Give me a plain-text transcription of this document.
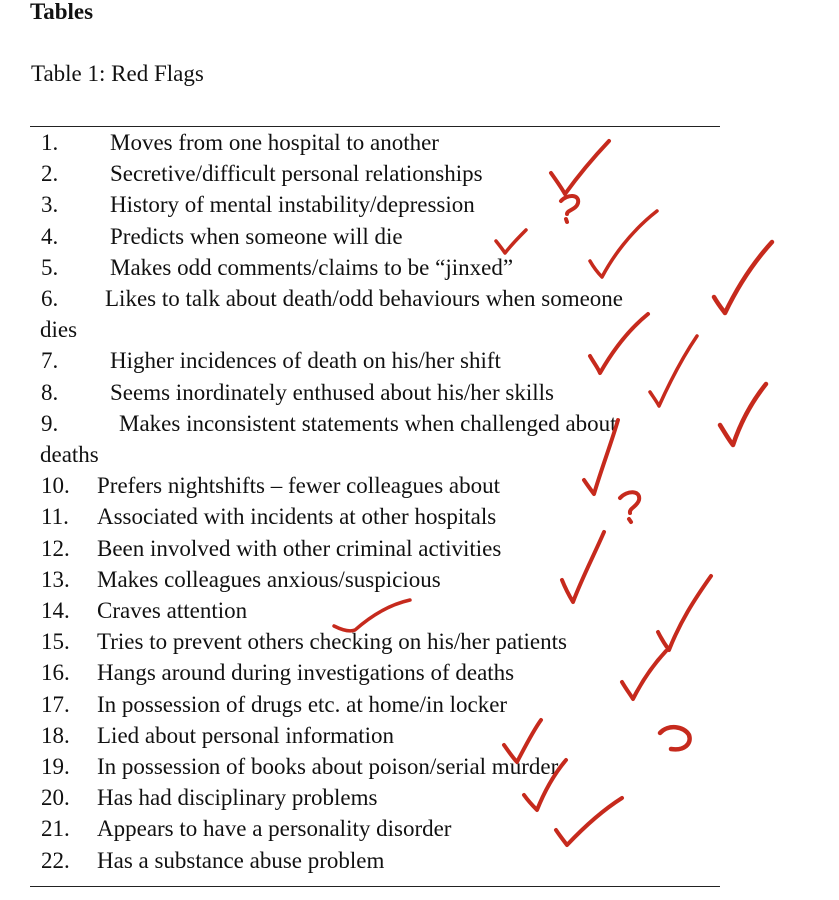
Tables
Table 1: Red Flags
1. Moves from one hospital to another
2. Secretive/difficult personal relationships
3. History of mental instability/depression
4. Predicts when someone will die
5. Makes odd comments/claims to be “jinxed”
6. Likes to talk about death/odd behaviours when someone
dies
7. Higher incidences of death on his/her shift
8. Seems inordinately enthused about his/her skills
9.	Makes inconsistent statements when challenged about
deaths
10. Prefers nightshifts – fewer colleagues about
11. Associated with incidents at other hospitals
12. Been involved with other criminal activities
13. Makes colleagues anxious/suspicious
14. Craves attention
15. Tries to prevent others checking on his/her patients
16. Hangs around during investigations of deaths
17. In possession of drugs etc. at home/in locker
18. Lied about personal information
19. In possession of books about poison/serial murder
20. Has had disciplinary problems
21. Appears to have a personality disorder
22. Has a substance abuse problem
